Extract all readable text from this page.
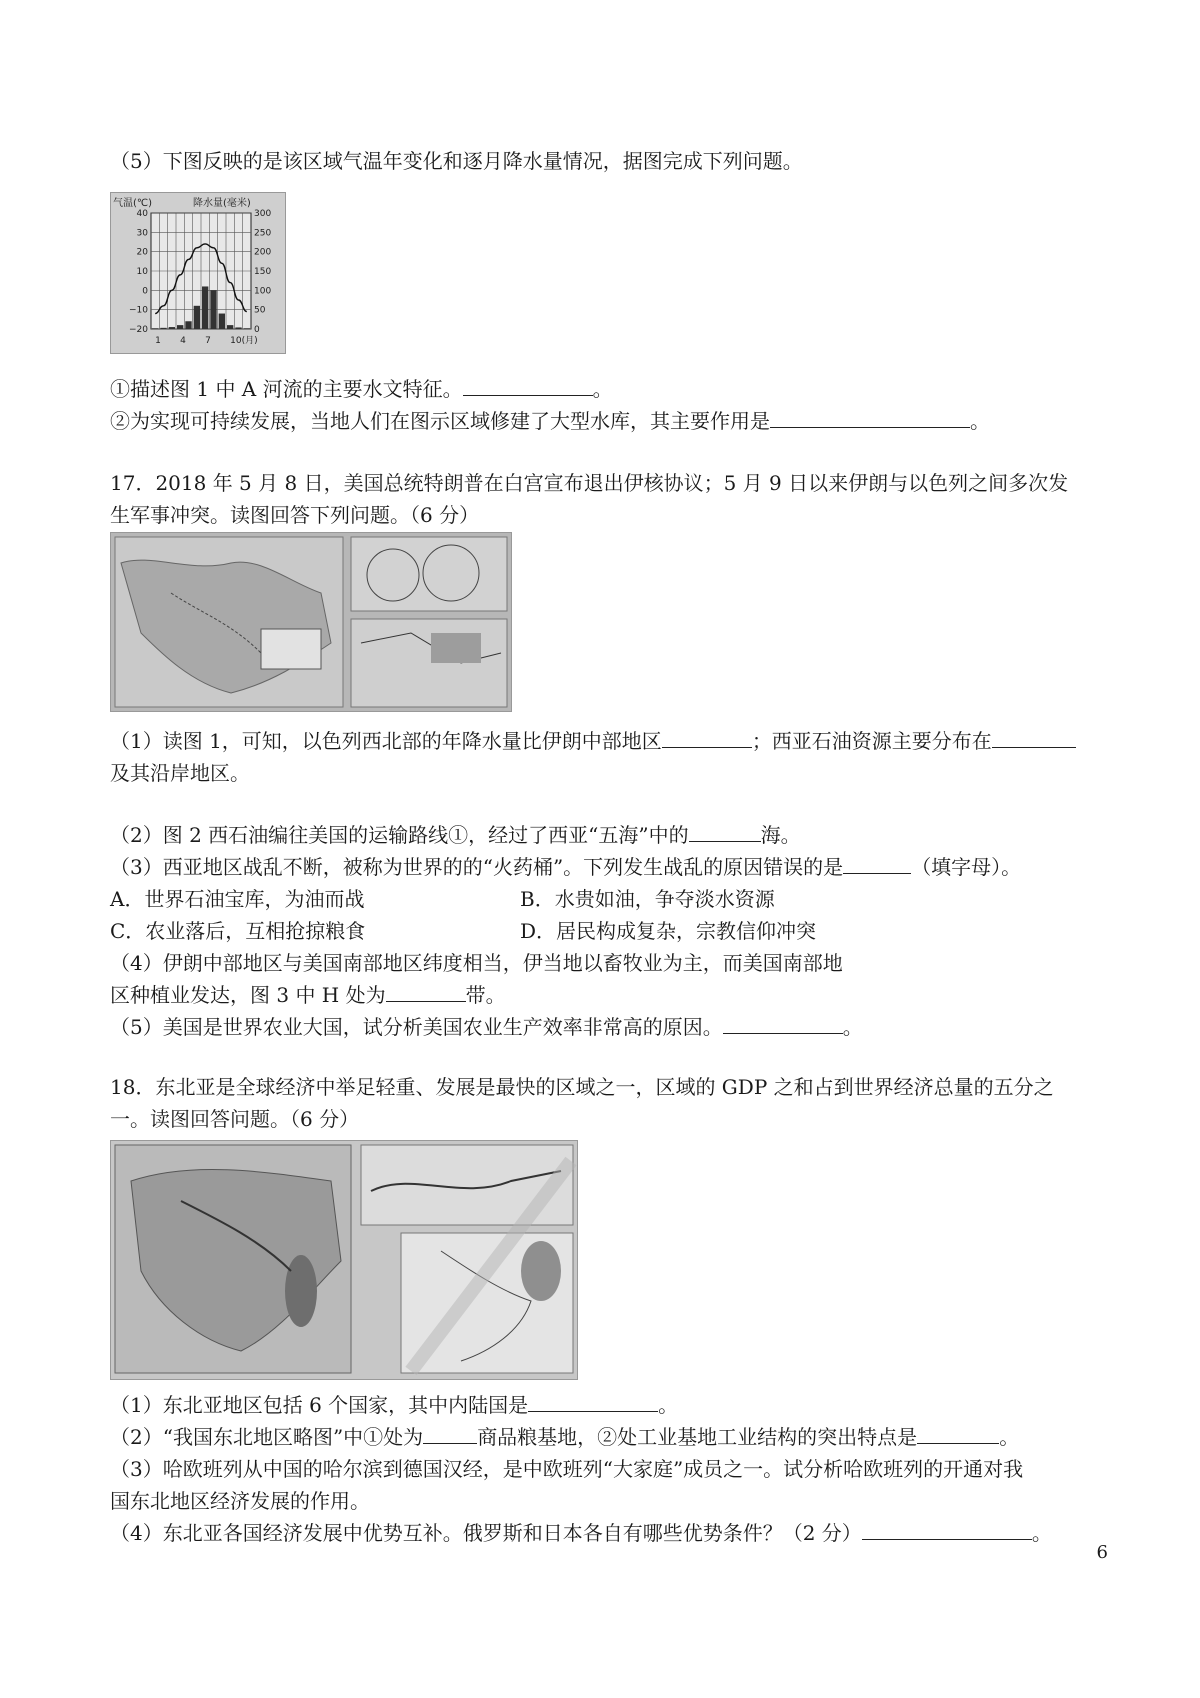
（5）下图反映的是该区域气温年变化和逐月降水量情况，据图完成下列问题。
气温(℃)	降水量(毫米)
40	300
30	250
20	200
10	150
0	100
−10	50
−20	0
1 4 7 10(月)
①描述图 1 中 A 河流的主要水文特征。	。
②为实现可持续发展，当地人们在图示区域修建了大型水库，其主要作用是	。
17．2018 年 5 月 8 日，美国总统特朗普在白宫宣布退出伊核协议；5 月 9 日以来伊朗与以色列之间多次发
生军事冲突。读图回答下列问题。（6 分）
（1）读图 1，可知，以色列西北部的年降水量比伊朗中部地区	；西亚石油资源主要分布在
及其沿岸地区。
（2）图 2 西石油编往美国的运输路线①，经过了西亚“五海”中的	海。
（3）西亚地区战乱不断，被称为世界的的“火药桶”。下列发生战乱的原因错误的是	（填字母）。
A．世界石油宝库，为油而战	B．水贵如油，争夺淡水资源
C．农业落后，互相抢掠粮食	D．居民构成复杂，宗教信仰冲突
（4）伊朗中部地区与美国南部地区纬度相当，伊当地以畜牧业为主，而美国南部地
区种植业发达，图 3 中 H 处为	带。
（5）美国是世界农业大国，试分析美国农业生产效率非常高的原因。	。
18．东北亚是全球经济中举足轻重、发展是最快的区域之一，区域的 GDP 之和占到世界经济总量的五分之
一。读图回答问题。（6 分）
（1）东北亚地区包括 6 个国家，其中内陆国是	。
（2）“我国东北地区略图”中①处为	商品粮基地，②处工业基地工业结构的突出特点是	。
（3）哈欧班列从中国的哈尔滨到德国汉经，是中欧班列“大家庭”成员之一。试分析哈欧班列的开通对我
国东北地区经济发展的作用。
（4）东北亚各国经济发展中优势互补。俄罗斯和日本各自有哪些优势条件？（2 分）	。
6
